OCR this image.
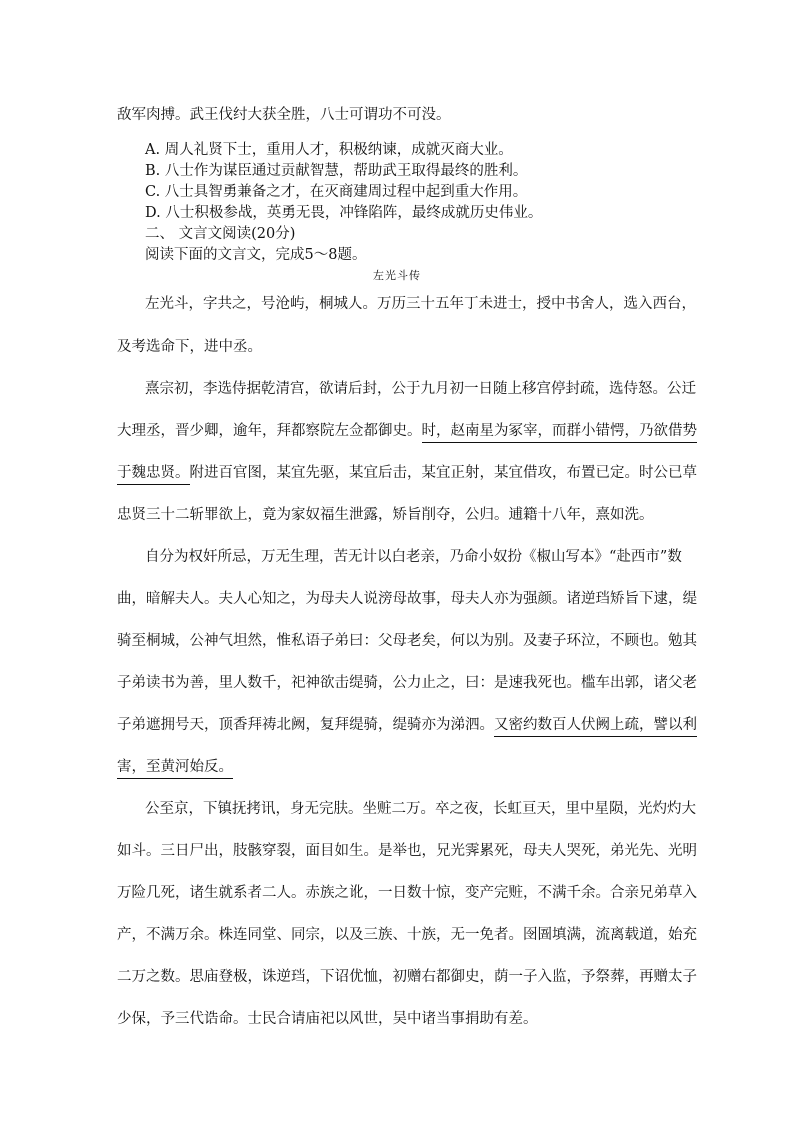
敌军肉搏。武王伐纣大获全胜，八士可谓功不可没。
A. 周人礼贤下士，重用人才，积极纳谏，成就灭商大业。
B. 八士作为谋臣通过贡献智慧，帮助武王取得最终的胜利。
C. 八士具智勇兼备之才，在灭商建周过程中起到重大作用。
D. 八士积极参战，英勇无畏，冲锋陷阵，最终成就历史伟业。
二、 文言文阅读(20分)
阅读下面的文言文，完成5～8题。
左光斗传
左光斗，字共之，号沧屿，桐城人。万历三十五年丁未进士，授中书舍人，选入西台，
及考选命下，进中丞。
熹宗初，李选侍据乾清宫，欲请后封，公于九月初一日随上移宫停封疏，选侍怒。公迁
大理丞，晋少卿，逾年，拜都察院左佥都御史。时，赵南星为冢宰，而群小错愕，乃欲借势
于魏忠贤。附进百官图，某宜先驱，某宜后击，某宜正射，某宜借攻，布置已定。时公已草
忠贤三十二斩罪欲上，竟为家奴福生泄露，矫旨削夺，公归。逋籍十八年，熹如洗。
自分为权奸所忌，万无生理，苦无计以白老亲，乃命小奴扮《椒山写本》“赴西市”数
曲，暗解夫人。夫人心知之，为母夫人说滂母故事，母夫人亦为强颜。诸逆珰矫旨下逮，缇
骑至桐城，公神气坦然，惟私语子弟曰：父母老矣，何以为别。及妻子环泣，不顾也。勉其
子弟读书为善，里人数千，祀神欲击缇骑，公力止之，曰：是速我死也。槛车出郭，诸父老
子弟遮拥号天，顶香拜祷北阙，复拜缇骑，缇骑亦为涕泗。又密约数百人伏阙上疏，譬以利
害，至黄河始反。
公至京，下镇抚拷讯，身无完肤。坐赃二万。卒之夜，长虹亘天，里中星陨，光灼灼大
如斗。三日尸出，肢骸穿裂，面目如生。是举也，兄光霁累死，母夫人哭死，弟光先、光明
万险几死，诸生就系者二人。赤族之讹，一日数十惊，变产完赃，不满千余。合亲兄弟草入
产，不满万余。株连同堂、同宗，以及三族、十族，无一免者。囹圄填满，流离载道，始充
二万之数。思庙登极，诛逆珰，下诏优恤，初赠右都御史，荫一子入监，予祭葬，再赠太子
少保，予三代诰命。士民合请庙祀以风世，吴中诸当事捐助有差。
